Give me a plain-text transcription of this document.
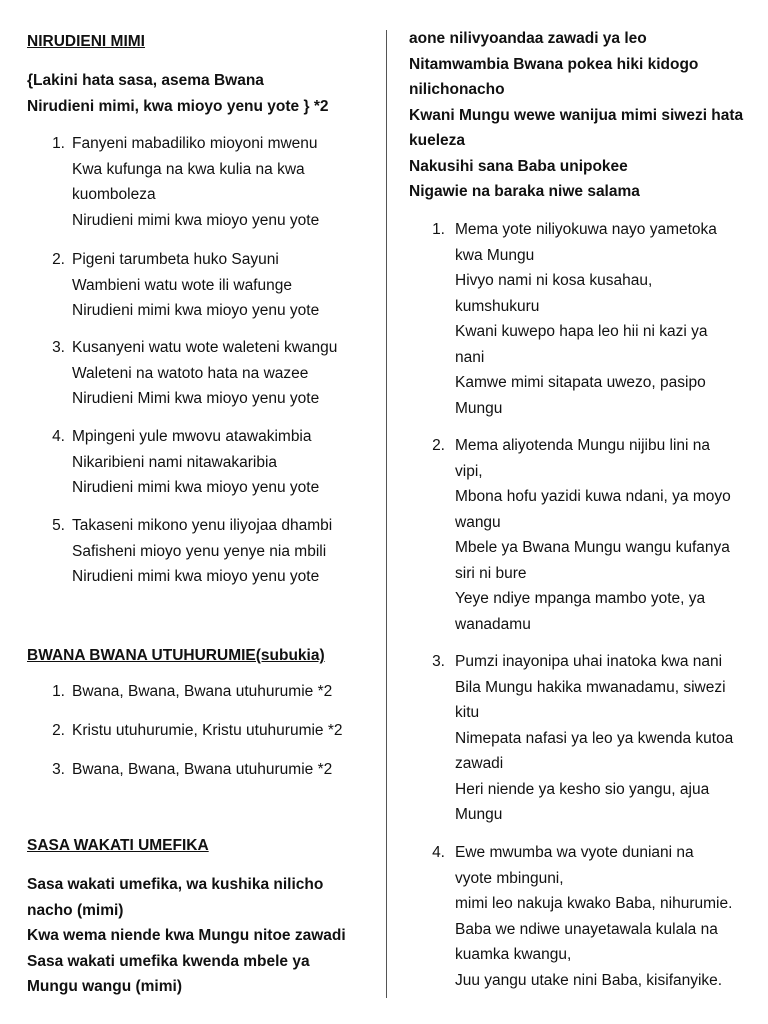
NIRUDIENI MIMI
{Lakini hata sasa, asema Bwana
Nirudieni mimi, kwa mioyo yenu yote } *2
1. Fanyeni mabadiliko mioyoni mwenu
Kwa kufunga na kwa kulia na kwa
kuomboleza
Nirudieni mimi kwa mioyo yenu yote
2. Pigeni tarumbeta huko Sayuni
Wambieni watu wote ili wafunge
Nirudieni mimi kwa mioyo yenu yote
3. Kusanyeni watu wote waleteni kwangu
Waleteni na watoto hata na wazee
Nirudieni Mimi kwa mioyo yenu yote
4. Mpingeni yule mwovu atawakimbia
Nikaribieni nami nitawakaribia
Nirudieni mimi kwa mioyo yenu yote
5. Takaseni mikono yenu iliyojaa dhambi
Safisheni mioyo yenu yenye nia mbili
Nirudieni mimi kwa mioyo yenu yote
BWANA BWANA UTUHURUMIE(subukia)
1. Bwana, Bwana, Bwana utuhurumie *2
2. Kristu utuhurumie, Kristu utuhurumie *2
3. Bwana, Bwana, Bwana utuhurumie *2
SASA WAKATI UMEFIKA
Sasa wakati umefika, wa kushika nilicho
nacho (mimi)
Kwa wema niende kwa Mungu nitoe zawadi
Sasa wakati umefika kwenda mbele ya
Mungu wangu (mimi)
aone nilivyoandaa zawadi ya leo
Nitamwambia Bwana pokea hiki kidogo
nilichonacho
Kwani Mungu wewe wanijua mimi siwezi hata
kueleza
Nakusihi sana Baba unipokee
Nigawie na baraka niwe salama
1. Mema yote niliyokuwa nayo yametoka
kwa Mungu
Hivyo nami ni kosa kusahau,
kumshukuru
Kwani kuwepo hapa leo hii ni kazi ya
nani
Kamwe mimi sitapata uwezo, pasipo
Mungu
2. Mema aliyotenda Mungu nijibu lini na
vipi,
Mbona hofu yazidi kuwa ndani, ya moyo
wangu
Mbele ya Bwana Mungu wangu kufanya
siri ni bure
Yeye ndiye mpanga mambo yote, ya
wanadamu
3. Pumzi inayonipa uhai inatoka kwa nani
Bila Mungu hakika mwanadamu, siwezi
kitu
Nimepata nafasi ya leo ya kwenda kutoa
zawadi
Heri niende ya kesho sio yangu, ajua
Mungu
4. Ewe mwumba wa vyote duniani na
vyote mbinguni,
mimi leo nakuja kwako Baba, nihurumie.
Baba we ndiwe unayetawala kulala na
kuamka kwangu,
Juu yangu utake nini Baba, kisifanyike.
